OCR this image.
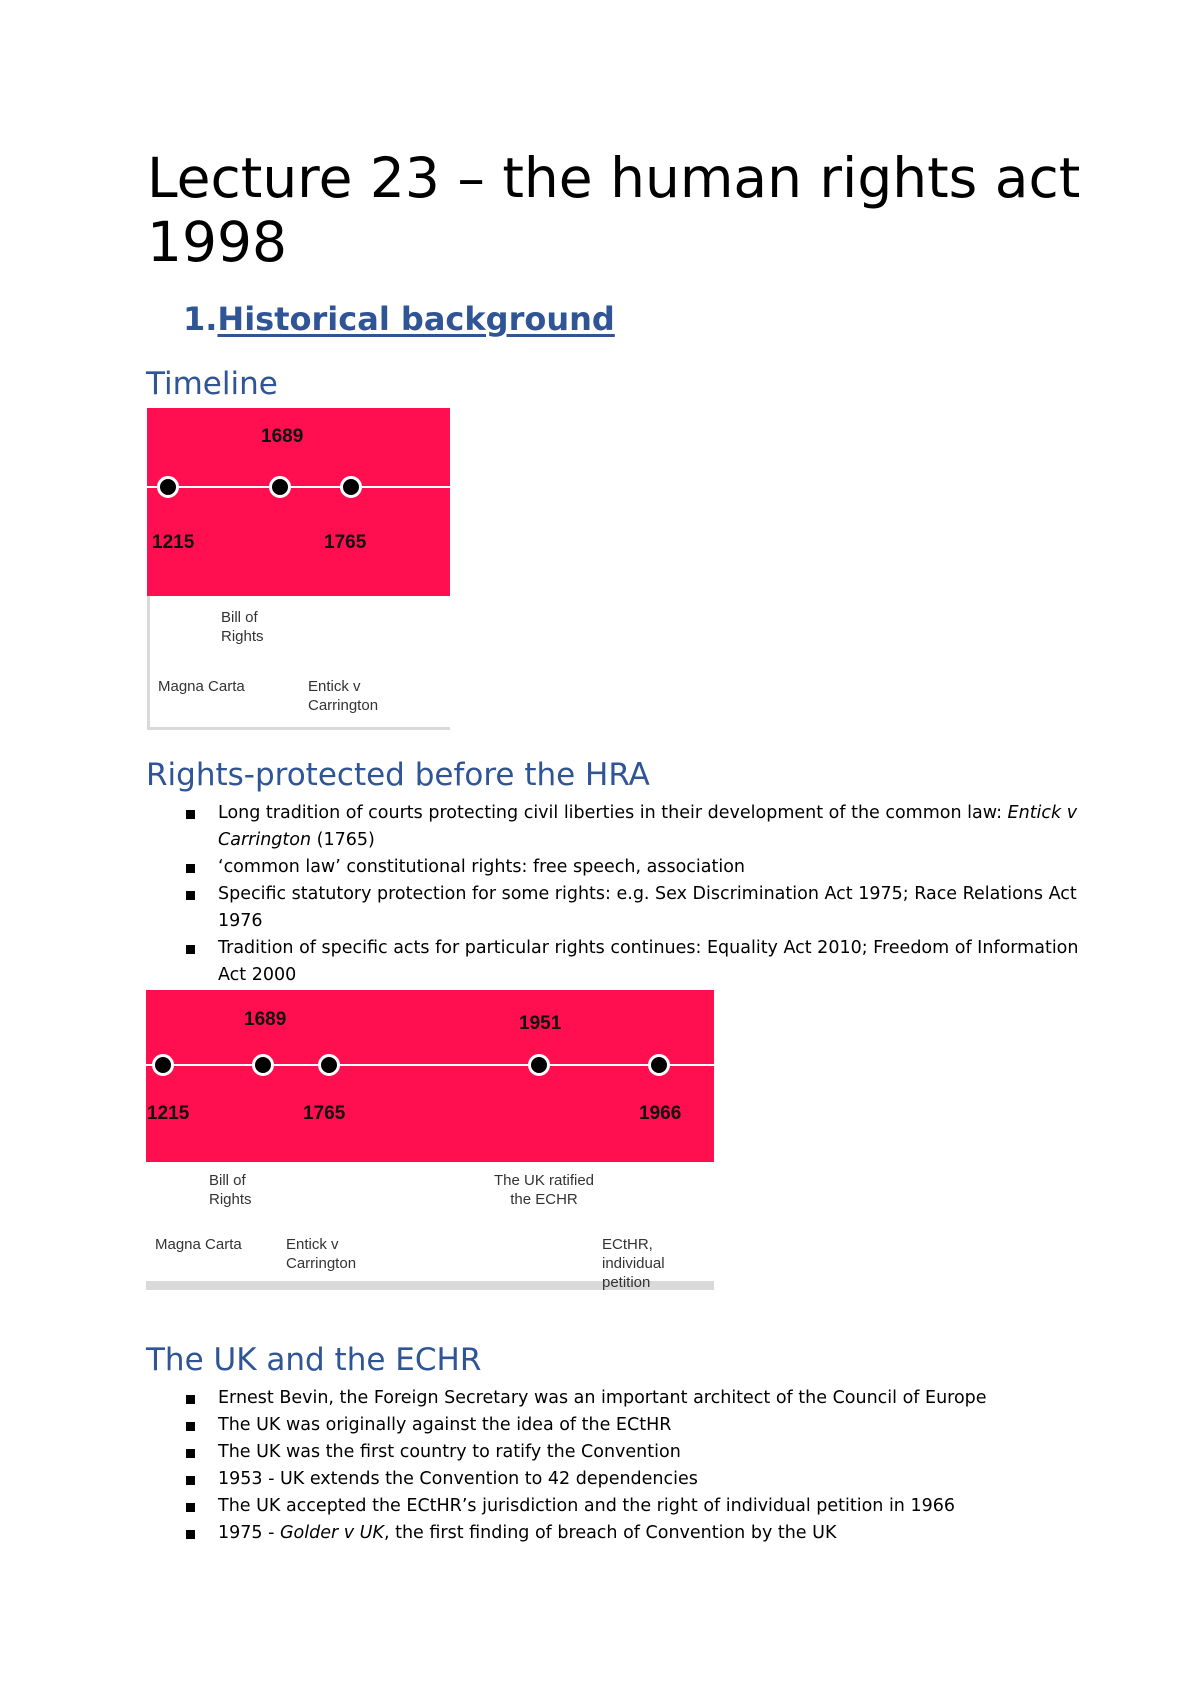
Lecture 23 – the human rights act 1998
1.Historical background
Timeline
1689
1215	1765
Bill of Rights
Magna Carta	Entick v Carrington
Rights-protected before the HRA
Long tradition of courts protecting civil liberties in their development of the common law: Entick v Carrington (1765)
‘common law’ constitutional rights: free speech, association
Specific statutory protection for some rights: e.g. Sex Discrimination Act 1975; Race Relations Act 1976
Tradition of specific acts for particular rights continues: Equality Act 2010; Freedom of Information Act 2000
1689	1951
1215	1765	1966
Bill of Rights
The UK ratified the ECHR
Magna Carta	Entick v Carrington
ECtHR, individual petition
The UK and the ECHR
Ernest Bevin, the Foreign Secretary was an important architect of the Council of Europe
The UK was originally against the idea of the ECtHR
The UK was the first country to ratify the Convention
1953 - UK extends the Convention to 42 dependencies
The UK accepted the ECtHR’s jurisdiction and the right of individual petition in 1966
1975 - Golder v UK, the first finding of breach of Convention by the UK
